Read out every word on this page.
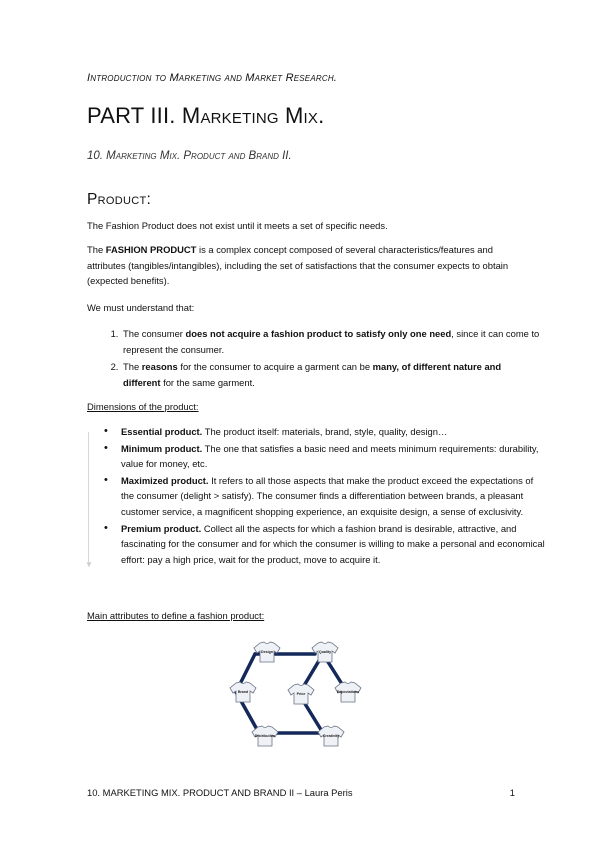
Introduction to Marketing and Market Research.
PART III. Marketing Mix.
10. Marketing Mix. Product and Brand II.
Product:
The Fashion Product does not exist until it meets a set of specific needs.
The FASHION PRODUCT is a complex concept composed of several characteristics/features and attributes (tangibles/intangibles), including the set of satisfactions that the consumer expects to obtain (expected benefits).
We must understand that:
1. The consumer does not acquire a fashion product to satisfy only one need, since it can come to represent the consumer.
2. The reasons for the consumer to acquire a garment can be many, of different nature and different for the same garment.
Dimensions of the product:
▼
• Essential product. The product itself: materials, brand, style, quality, design…
• Minimum product. The one that satisfies a basic need and meets minimum requirements: durability, value for money, etc.
• Maximized product. It refers to all those aspects that make the product exceed the expectations of the consumer (delight > satisfy). The consumer finds a differentiation between brands, a pleasant customer service, a magnificent shopping experience, an exquisite design, a sense of exclusivity.
• Premium product. Collect all the aspects for which a fashion brand is desirable, attractive, and fascinating for the consumer and for which the consumer is willing to make a personal and economical effort: pay a high price, wait for the product, move to acquire it.
Main attributes to define a fashion product:
Design	Quality
Brand	Price	Expectations
Distribution	Creativity
10. MARKETING MIX. PRODUCT AND BRAND II – Laura Peris	1
